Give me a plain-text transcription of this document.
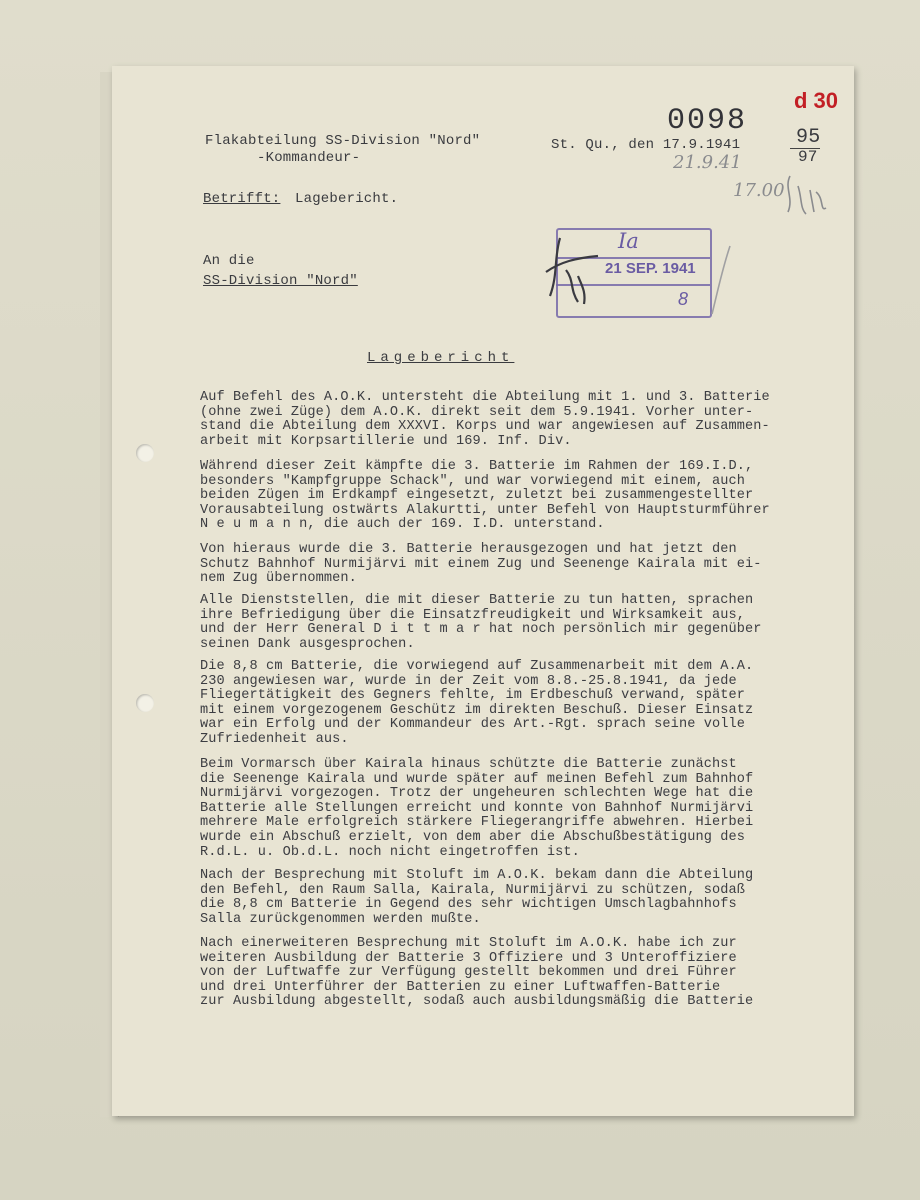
Flakabteilung SS-Division "Nord"
-Kommandeur-
St. Qu., den 17.9.1941
0098 95
97
d 30
21.9.41
17.00
Betrifft: Lagebericht.
An die
SS-Division "Nord"
Ia
21 SEP. 1941
8
Lagebericht
Auf Befehl des A.O.K. untersteht die Abteilung mit 1. und 3. Batterie
(ohne zwei Züge) dem A.O.K. direkt seit dem 5.9.1941. Vorher unter-
stand die Abteilung dem XXXVI. Korps und war angewiesen auf Zusammen-
arbeit mit Korpsartillerie und 169. Inf. Div.
Während dieser Zeit kämpfte die 3. Batterie im Rahmen der 169.I.D.,
besonders "Kampfgruppe Schack", und war vorwiegend mit einem, auch
beiden Zügen im Erdkampf eingesetzt, zuletzt bei zusammengestellter
Vorausabteilung ostwärts Alakurtti, unter Befehl von Hauptsturmführer
N e u m a n n, die auch der 169. I.D. unterstand.
Von hieraus wurde die 3. Batterie herausgezogen und hat jetzt den
Schutz Bahnhof Nurmijärvi mit einem Zug und Seenenge Kairala mit ei-
nem Zug übernommen.
Alle Dienststellen, die mit dieser Batterie zu tun hatten, sprachen
ihre Befriedigung über die Einsatzfreudigkeit und Wirksamkeit aus,
und der Herr General D i t t m a r hat noch persönlich mir gegenüber
seinen Dank ausgesprochen.
Die 8,8 cm Batterie, die vorwiegend auf Zusammenarbeit mit dem A.A.
230 angewiesen war, wurde in der Zeit vom 8.8.-25.8.1941, da jede
Fliegertätigkeit des Gegners fehlte, im Erdbeschuß verwand, später
mit einem vorgezogenem Geschütz im direkten Beschuß. Dieser Einsatz
war ein Erfolg und der Kommandeur des Art.-Rgt. sprach seine volle
Zufriedenheit aus.
Beim Vormarsch über Kairala hinaus schützte die Batterie zunächst
die Seenenge Kairala und wurde später auf meinen Befehl zum Bahnhof
Nurmijärvi vorgezogen. Trotz der ungeheuren schlechten Wege hat die
Batterie alle Stellungen erreicht und konnte von Bahnhof Nurmijärvi
mehrere Male erfolgreich stärkere Fliegerangriffe abwehren. Hierbei
wurde ein Abschuß erzielt, von dem aber die Abschußbestätigung des
R.d.L. u. Ob.d.L. noch nicht eingetroffen ist.
Nach der Besprechung mit Stoluft im A.O.K. bekam dann die Abteilung
den Befehl, den Raum Salla, Kairala, Nurmijärvi zu schützen, sodaß
die 8,8 cm Batterie in Gegend des sehr wichtigen Umschlagbahnhofs
Salla zurückgenommen werden mußte.
Nach einerweiteren Besprechung mit Stoluft im A.O.K. habe ich zur
weiteren Ausbildung der Batterie 3 Offiziere und 3 Unteroffiziere
von der Luftwaffe zur Verfügung gestellt bekommen und drei Führer
und drei Unterführer der Batterien zu einer Luftwaffen-Batterie
zur Ausbildung abgestellt, sodaß auch ausbildungsmäßig die Batterie
